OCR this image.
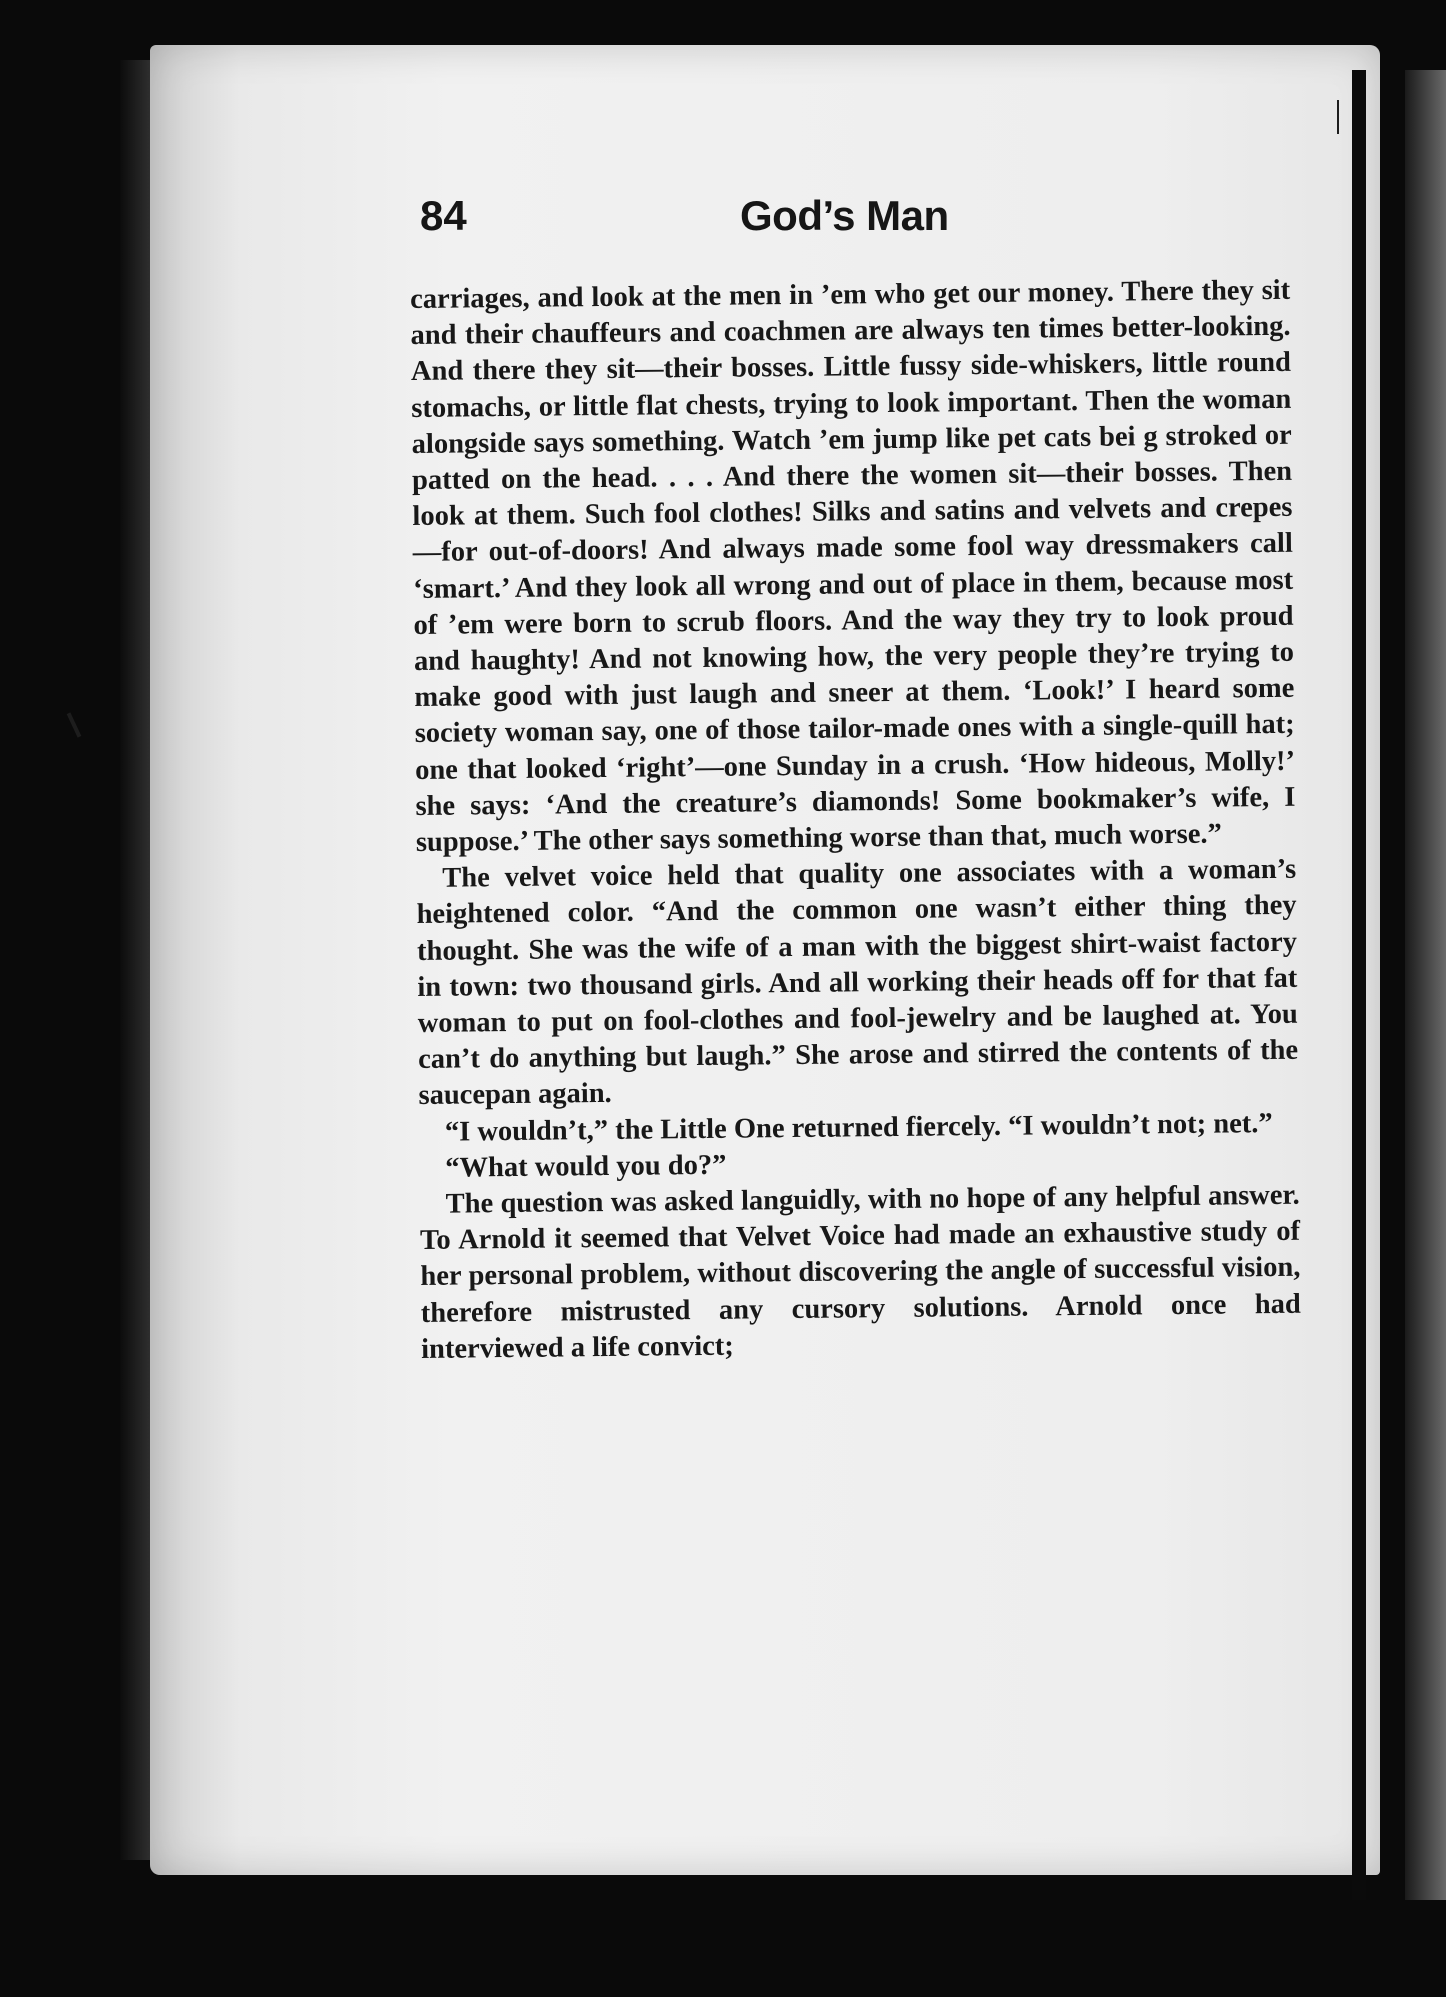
84	God’s Man

carriages, and look at the men in ’em who get our money. There they sit and their chauffeurs and coachmen are always ten times better-looking. And there they sit—their bosses. Little fussy side-whiskers, little round stomachs, or little flat chests, trying to look important. Then the woman alongside says something. Watch ’em jump like pet cats bei g stroked or patted on the head. . . . And there the women sit—their bosses. Then look at them. Such fool clothes! Silks and satins and velvets and crepes—for out-of-doors! And always made some fool way dressmakers call ‘smart.’ And they look all wrong and out of place in them, because most of ’em were born to scrub floors. And the way they try to look proud and haughty! And not knowing how, the very people they’re trying to make good with just laugh and sneer at them. ‘Look!’ I heard some society woman say, one of those tailor-made ones with a single-quill hat; one that looked ‘right’—one Sunday in a crush. ‘How hideous, Molly!’ she says: ‘And the creature’s diamonds! Some bookmaker’s wife, I suppose.’ The other says something worse than that, much worse.”

The velvet voice held that quality one associates with a woman’s heightened color. “And the common one wasn’t either thing they thought. She was the wife of a man with the biggest shirt-waist factory in town: two thousand girls. And all working their heads off for that fat woman to put on fool-clothes and fool-jewelry and be laughed at. You can’t do anything but laugh.” She arose and stirred the contents of the saucepan again.

“I wouldn’t,” the Little One returned fiercely. “I wouldn’t not; net.”

“What would you do?”

The question was asked languidly, with no hope of any helpful answer. To Arnold it seemed that Velvet Voice had made an exhaustive study of her personal problem, without discovering the angle of successful vision, therefore mistrusted any cursory solutions. Arnold once had interviewed a life convict;
